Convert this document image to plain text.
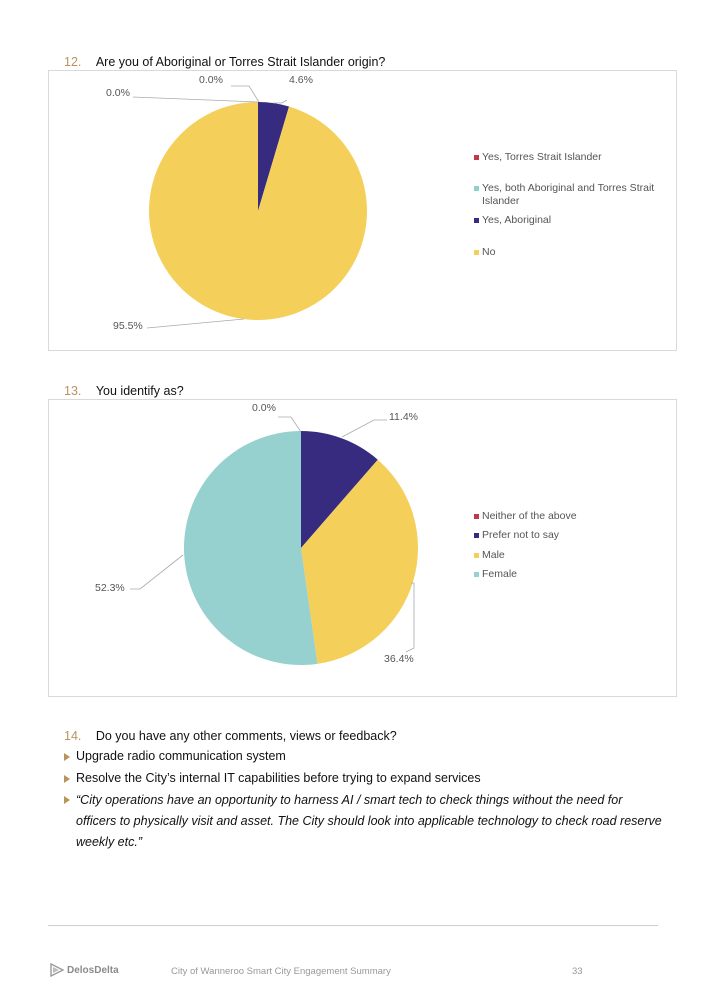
12. Are you of Aboriginal or Torres Strait Islander origin?
0.0%	4.6%
0.0%
95.5%
Yes, Torres Strait Islander
Yes, both Aboriginal and Torres Strait Islander
Yes, Aboriginal
No
13. You identify as?
0.0%
11.4%
36.4%
52.3%
Neither of the above
Prefer not to say
Male
Female
14. Do you have any other comments, views or feedback?
Upgrade radio communication system
Resolve the City’s internal IT capabilities before trying to expand services
“City operations have an opportunity to harness AI / smart tech to check things without the need for officers to physically visit and asset. The City should look into applicable technology to check road reserve weekly etc.”
DelosDelta	City of Wanneroo Smart City Engagement Summary	33
